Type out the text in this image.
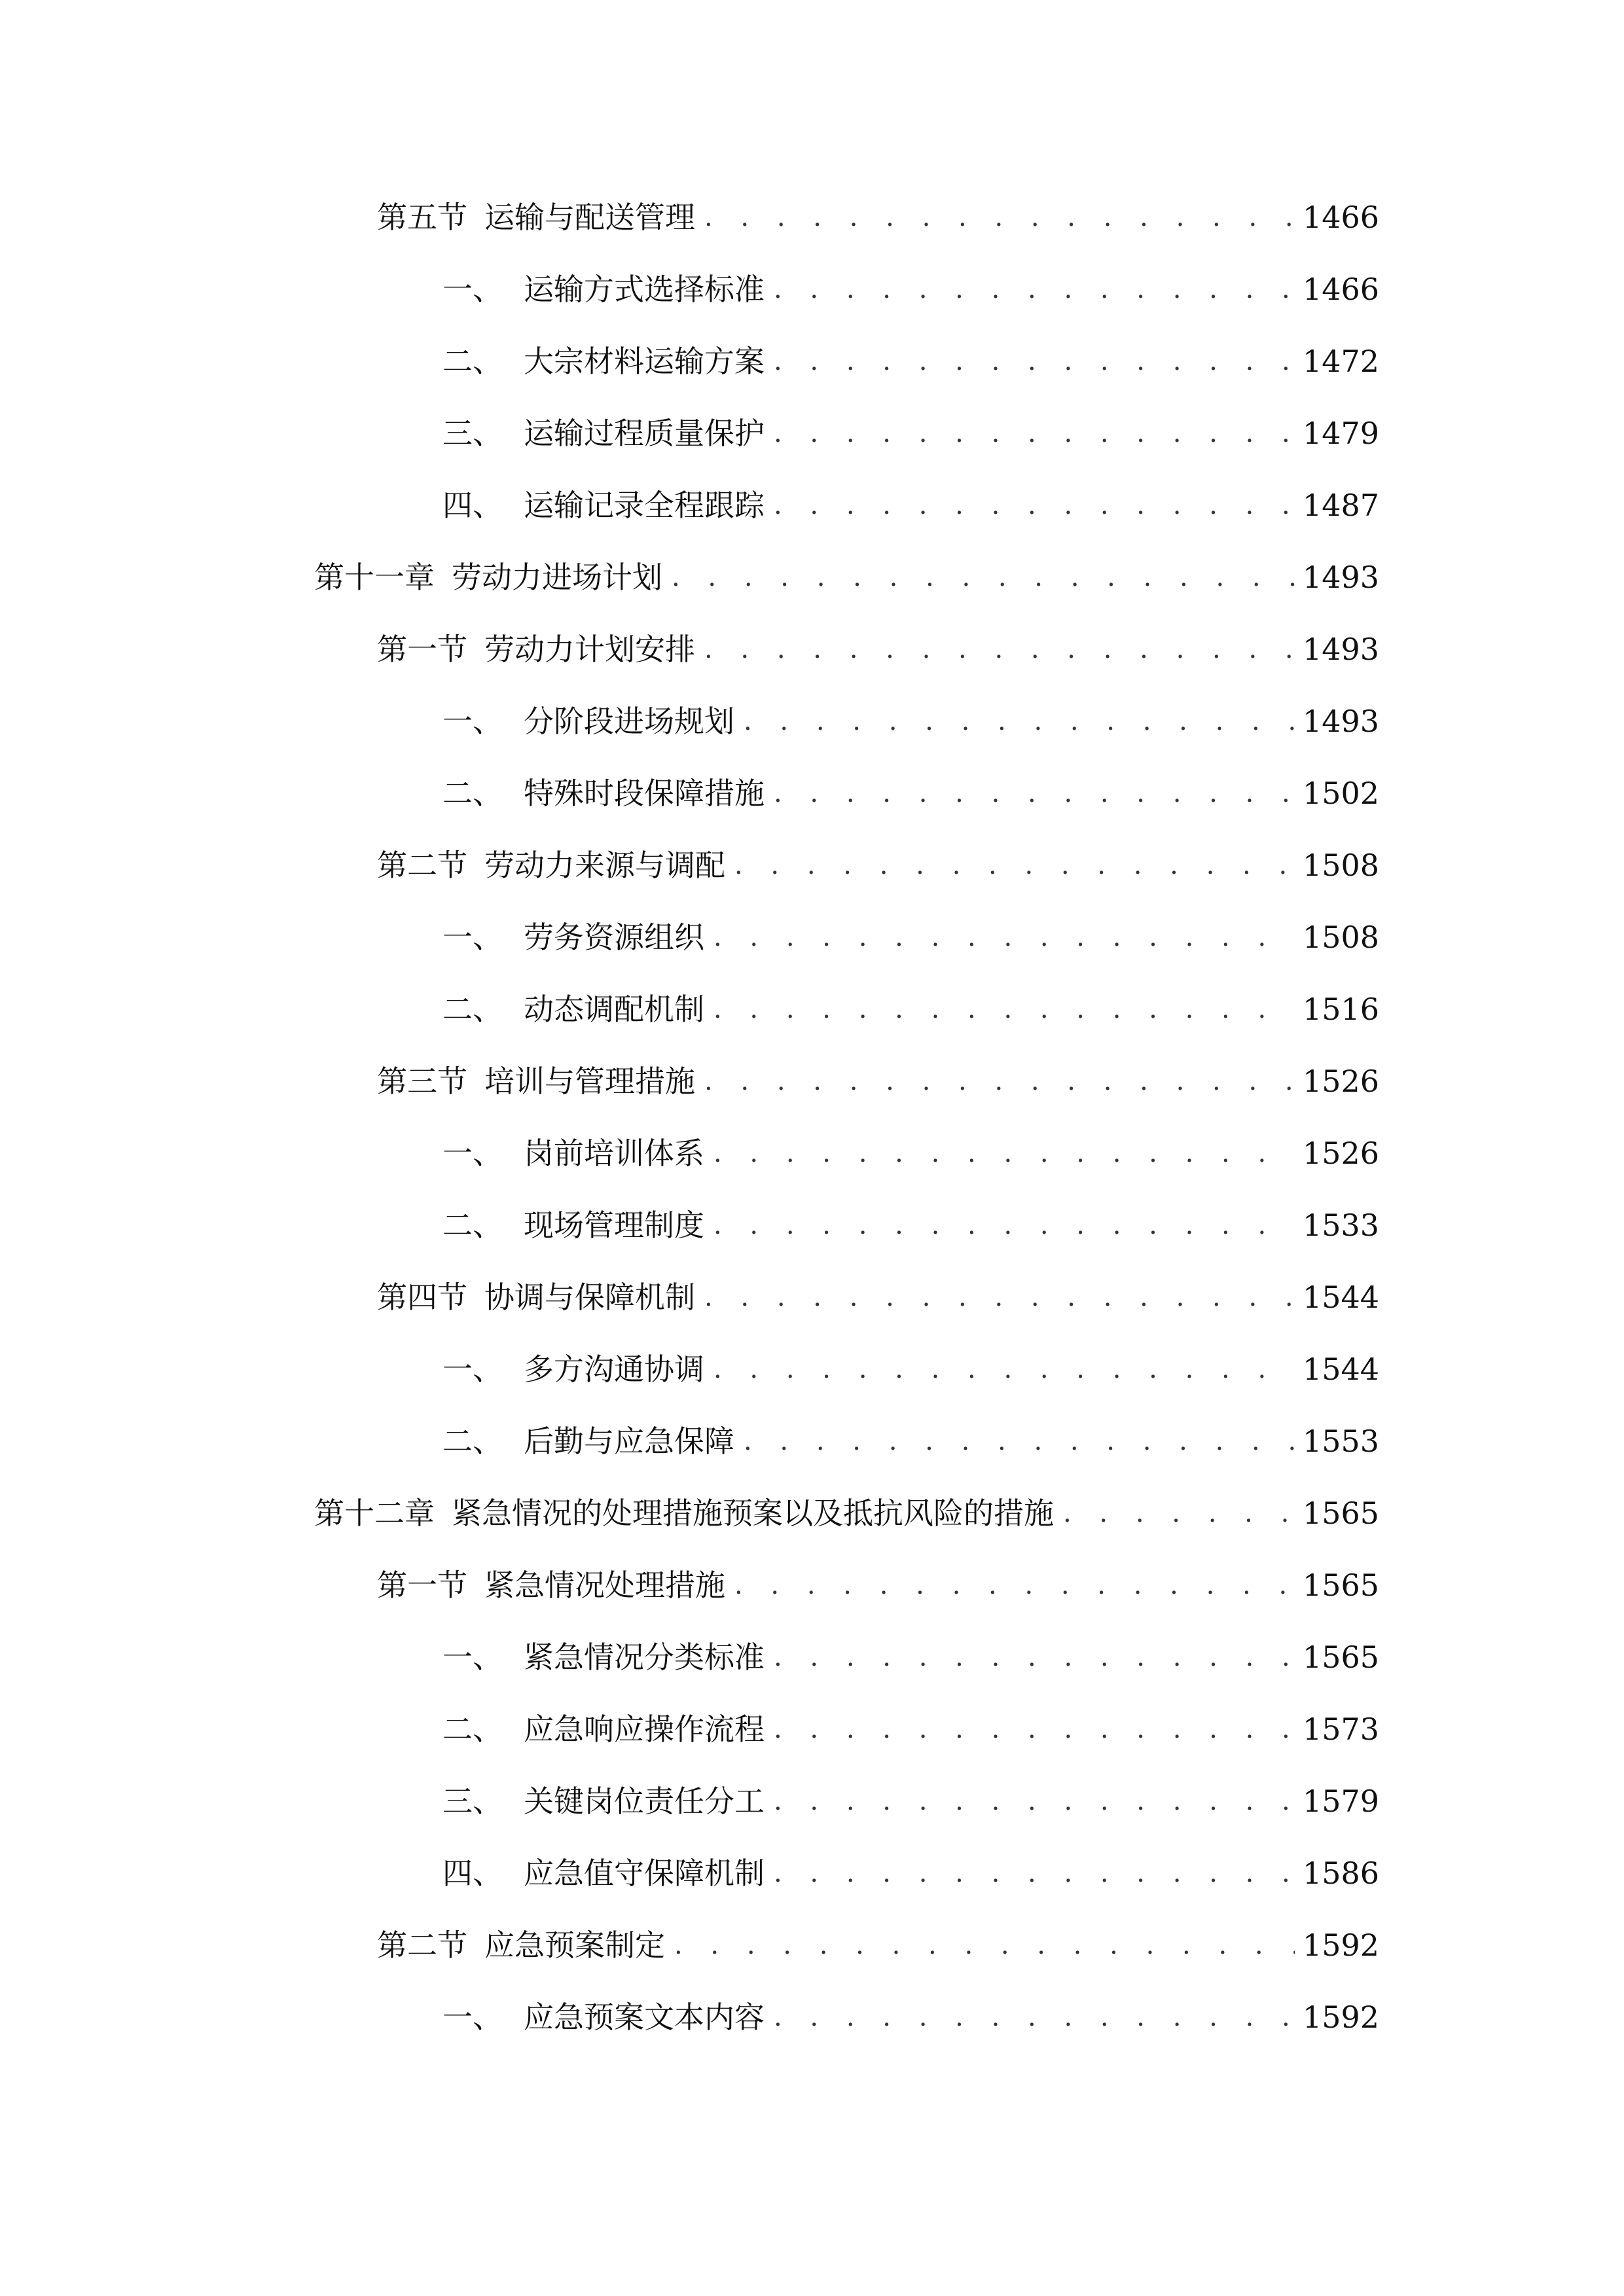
第五节 运输与配送管理 . . .	1466
一、 运输方式选择标准 . . .	1466
二、 大宗材料运输方案 . . .	1472
三、 运输过程质量保护 . . .	1479
四、 运输记录全程跟踪 . . .	1487
第十一章 劳动力进场计划 . . .	1493
第一节 劳动力计划安排 . . .	1493
一、 分阶段进场规划 . . .	1493
二、 特殊时段保障措施 . . .	1502
第二节 劳动力来源与调配 . . .	1508
一、 劳务资源组织 . . .	1508
二、 动态调配机制 . . .	1516
第三节 培训与管理措施 . . .	1526
一、 岗前培训体系 . . .	1526
二、 现场管理制度 . . .	1533
第四节 协调与保障机制 . . .	1544
一、 多方沟通协调 . . .	1544
二、 后勤与应急保障 . . .	1553
第十二章 紧急情况的处理措施预案以及抵抗风险的措施 . . .	1565
第一节 紧急情况处理措施 . . .	1565
一、 紧急情况分类标准 . . .	1565
二、 应急响应操作流程 . . .	1573
三、 关键岗位责任分工 . . .	1579
四、 应急值守保障机制 . . .	1586
第二节 应急预案制定 . . .	1592
一、 应急预案文本内容 . . .	1592
